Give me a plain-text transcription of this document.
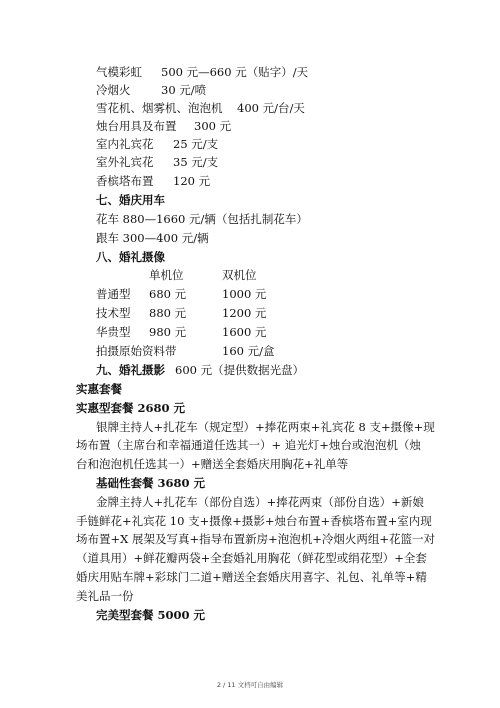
气模彩虹 500 元—660 元（贴字）/天
冷烟火	30 元/喷
雪花机、烟雾机、泡泡机 400 元/台/天
烛台用具及布置 300 元
室内礼宾花 25 元/支
室外礼宾花 35 元/支
香槟塔布置 120 元
七、婚庆用车
花车 880—1660 元/辆（包括扎制花车）
跟车 300—400 元/辆
八、婚礼摄像
单机位	双机位
普通型 680 元	1000 元
技术型 880 元	1200 元
华贵型 980 元	1600 元
拍摄原始资料带	160 元/盒
九、婚礼摄影 600 元（提供数据光盘）
实惠套餐
实惠型套餐 2680 元
银牌主持人+扎花车（规定型）+捧花两束+礼宾花 8 支+摄像+现
场布置（主席台和幸福通道任选其一）+ 追光灯+烛台或泡泡机（烛
台和泡泡机任选其一）+赠送全套婚庆用胸花+礼单等
基础性套餐 3680 元
金牌主持人+扎花车（部份自选）+捧花两束（部份自选）+新娘
手链鲜花+礼宾花 10 支+摄像+摄影+烛台布置+香槟塔布置+室内现
场布置+X 展架及写真+指导布置新房+泡泡机+冷烟火两组+花篮一对
（道具用）+鲜花瓣两袋+全套婚礼用胸花（鲜花型或绢花型）+全套
婚庆用贴车牌+彩球门二道+赠送全套婚庆用喜字、礼包、礼单等+精
美礼品一份
完美型套餐 5000 元
2 / 11 文档可自由编辑
